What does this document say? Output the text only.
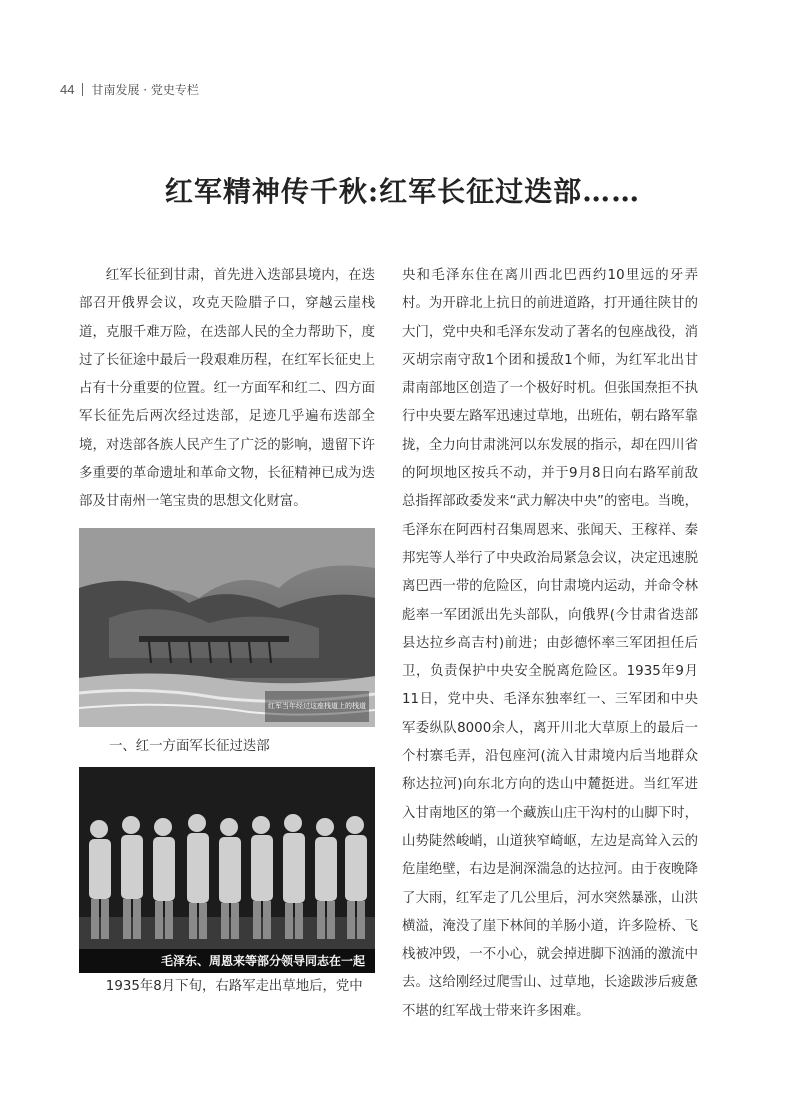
44 甘南发展 · 党史专栏
红军精神传千秋:红军长征过迭部……

红军长征到甘肃，首先进入迭部县境内，在迭部召开俄界会议，攻克天险腊子口，穿越云崖栈道，克服千难万险，在迭部人民的全力帮助下，度过了长征途中最后一段艰难历程，在红军长征史上占有十分重要的位置。红一方面军和红二、四方面军长征先后两次经过迭部，足迹几乎遍布迭部全境，对迭部各族人民产生了广泛的影响，遗留下许多重要的革命遗址和革命文物，长征精神已成为迭部及甘南州一笔宝贵的思想文化财富。

红军当年经过这座栈道上的栈道

一、红一方面军长征过迭部

毛泽东、周恩来等部分领导同志在一起

1935年8月下旬，右路军走出草地后，党中

央和毛泽东住在离川西北巴西约10里远的牙弄村。为开辟北上抗日的前进道路，打开通往陕甘的大门，党中央和毛泽东发动了著名的包座战役，消灭胡宗南守敌1个团和援敌1个师，为红军北出甘肃南部地区创造了一个极好时机。但张国焘拒不执行中央要左路军迅速过草地，出班佑，朝右路军靠拢，全力向甘肃洮河以东发展的指示，却在四川省的阿坝地区按兵不动，并于9月8日向右路军前敌总指挥部政委发来“武力解决中央”的密电。当晚，毛泽东在阿西村召集周恩来、张闻天、王稼祥、秦邦宪等人举行了中央政治局紧急会议，决定迅速脱离巴西一带的危险区，向甘肃境内运动，并命令林彪率一军团派出先头部队，向俄界(今甘肃省迭部县达拉乡高吉村)前进；由彭德怀率三军团担任后卫，负责保护中央安全脱离危险区。1935年9月11日，党中央、毛泽东独率红一、三军团和中央军委纵队8000余人，离开川北大草原上的最后一个村寨毛弄，沿包座河(流入甘肃境内后当地群众称达拉河)向东北方向的迭山中麓挺进。当红军进入甘南地区的第一个藏族山庄干沟村的山脚下时，山势陡然峻峭，山道狭窄崎岖，左边是高耸入云的危崖绝壁，右边是涧深湍急的达拉河。由于夜晚降了大雨，红军走了几公里后，河水突然暴涨，山洪横溢，淹没了崖下林间的羊肠小道，许多险桥、飞栈被冲毁，一不小心，就会掉进脚下汹涌的激流中去。这给刚经过爬雪山、过草地，长途跋涉后疲惫不堪的红军战士带来许多困难。
